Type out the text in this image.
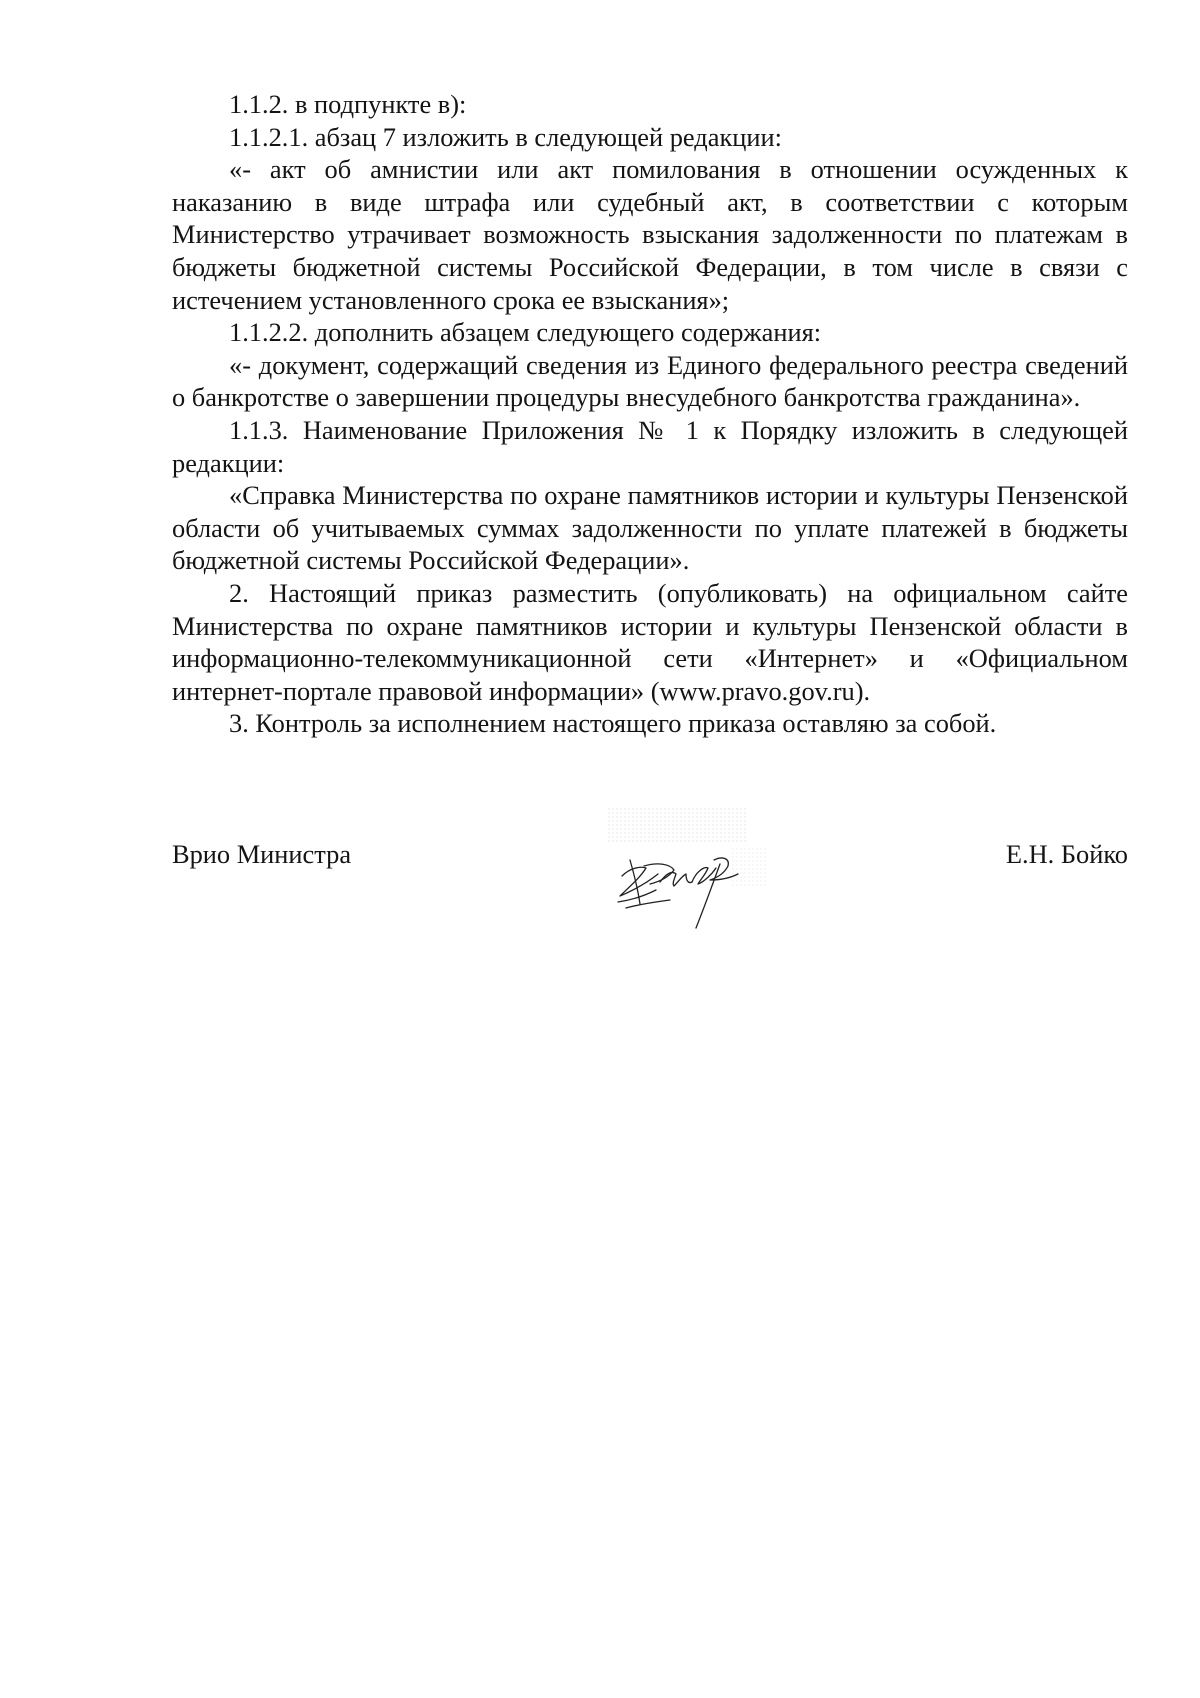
1.1.2. в подпункте в):

1.1.2.1. абзац 7 изложить в следующей редакции:

«- акт об амнистии или акт помилования в отношении осужденных к наказанию в виде штрафа или судебный акт, в соответствии с которым Министерство утрачивает возможность взыскания задолженности по платежам в бюджеты бюджетной системы Российской Федерации, в том числе в связи с истечением установленного срока ее взыскания»;

1.1.2.2. дополнить абзацем следующего содержания:

«- документ, содержащий сведения из Единого федерального реестра сведений о банкротстве о завершении процедуры внесудебного банкротства гражданина».

1.1.3. Наименование Приложения № 1 к Порядку изложить в следующей редакции:

«Справка Министерства по охране памятников истории и культуры Пензенской области об учитываемых суммах задолженности по уплате платежей в бюджеты бюджетной системы Российской Федерации».

2. Настоящий приказ разместить (опубликовать) на официальном сайте Министерства по охране памятников истории и культуры Пензенской области в информационно-телекоммуникационной сети «Интернет» и «Официальном интернет-портале правовой информации» (www.pravo.gov.ru).

3. Контроль за исполнением настоящего приказа оставляю за собой.

Врио Министра	Е.Н. Бойко
